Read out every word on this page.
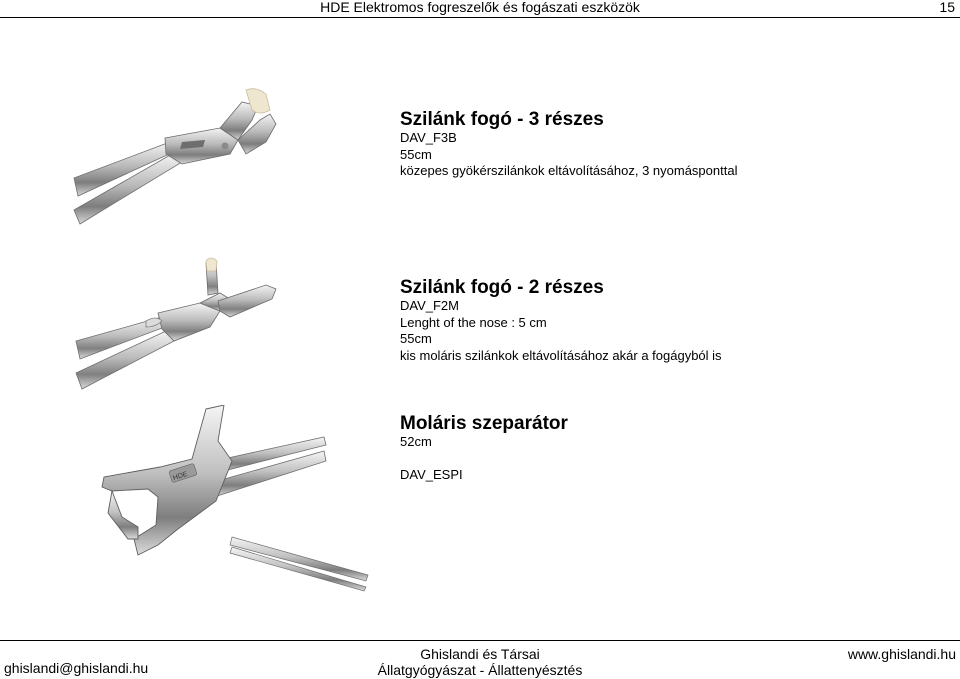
HDE Elektromos fogreszelők és fogászati eszközök	15
HDE

Szilánk fogó - 3 részes

DAV_F3B

55cm

közepes gyökérszilánkok eltávolításához, 3 nyomásponttal

Szilánk fogó - 2 részes

DAV_F2M

Lenght of the nose : 5 cm

55cm

kis moláris szilánkok eltávolításához akár a fogágyból is

Moláris szeparátor

52cm

DAV_ESPI

ghislandi@ghislandi.hu
Ghislandi és Társai
Állatgyógyászat - Állattenyésztés
www.ghislandi.hu
